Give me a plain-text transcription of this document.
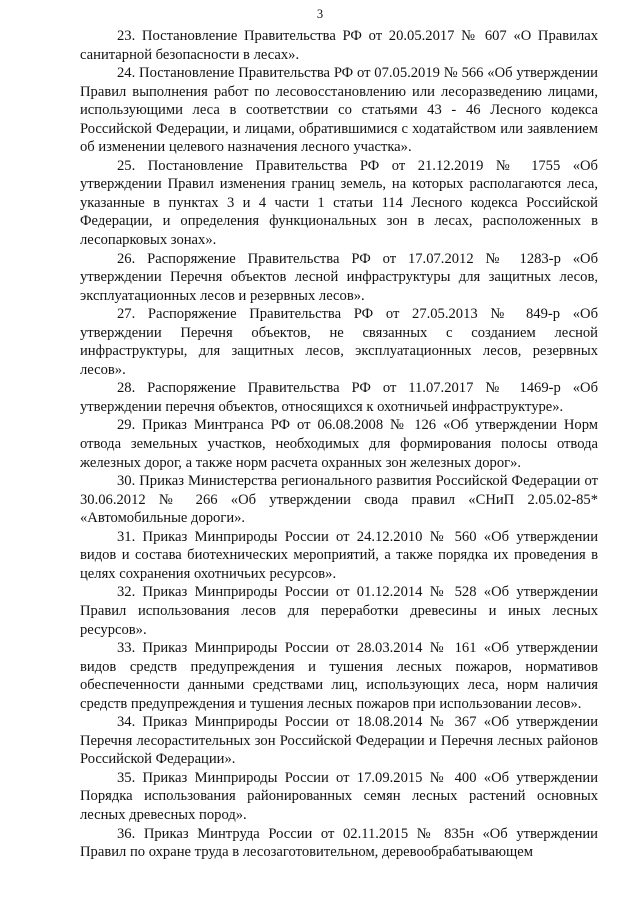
3

23. Постановление Правительства РФ от 20.05.2017 № 607 «О Правилах санитарной безопасности в лесах».

24. Постановление Правительства РФ от 07.05.2019 № 566 «Об утверждении Правил выполнения работ по лесовосстановлению или лесоразведению лицами, использующими леса в соответствии со статьями 43 - 46 Лесного кодекса Российской Федерации, и лицами, обратившимися с ходатайством или заявлением об изменении целевого назначения лесного участка».

25. Постановление Правительства РФ от 21.12.2019 № 1755 «Об утверждении Правил изменения границ земель, на которых располагаются леса, указанные в пунктах 3 и 4 части 1 статьи 114 Лесного кодекса Российской Федерации, и определения функциональных зон в лесах, расположенных в лесопарковых зонах».

26. Распоряжение Правительства РФ от 17.07.2012 № 1283-р «Об утверждении Перечня объектов лесной инфраструктуры для защитных лесов, эксплуатационных лесов и резервных лесов».

27. Распоряжение Правительства РФ от 27.05.2013 № 849-р «Об утверждении Перечня объектов, не связанных с созданием лесной инфраструктуры, для защитных лесов, эксплуатационных лесов, резервных лесов».

28. Распоряжение Правительства РФ от 11.07.2017 № 1469-р «Об утверждении перечня объектов, относящихся к охотничьей инфраструктуре».

29. Приказ Минтранса РФ от 06.08.2008 № 126 «Об утверждении Норм отвода земельных участков, необходимых для формирования полосы отвода железных дорог, а также норм расчета охранных зон железных дорог».

30. Приказ Министерства регионального развития Российской Федерации от 30.06.2012 № 266 «Об утверждении свода правил «СНиП 2.05.02-85* «Автомобильные дороги».

31. Приказ Минприроды России от 24.12.2010 № 560 «Об утверждении видов и состава биотехнических мероприятий, а также порядка их проведения в целях сохранения охотничьих ресурсов».

32. Приказ Минприроды России от 01.12.2014 № 528 «Об утверждении Правил использования лесов для переработки древесины и иных лесных ресурсов».

33. Приказ Минприроды России от 28.03.2014 № 161 «Об утверждении видов средств предупреждения и тушения лесных пожаров, нормативов обеспеченности данными средствами лиц, использующих леса, норм наличия средств предупреждения и тушения лесных пожаров при использовании лесов».

34. Приказ Минприроды России от 18.08.2014 № 367 «Об утверждении Перечня лесорастительных зон Российской Федерации и Перечня лесных районов Российской Федерации».

35. Приказ Минприроды России от 17.09.2015 № 400 «Об утверждении Порядка использования районированных семян лесных растений основных лесных древесных пород».

36. Приказ Минтруда России от 02.11.2015 № 835н «Об утверждении Правил по охране труда в лесозаготовительном, деревообрабатывающем
